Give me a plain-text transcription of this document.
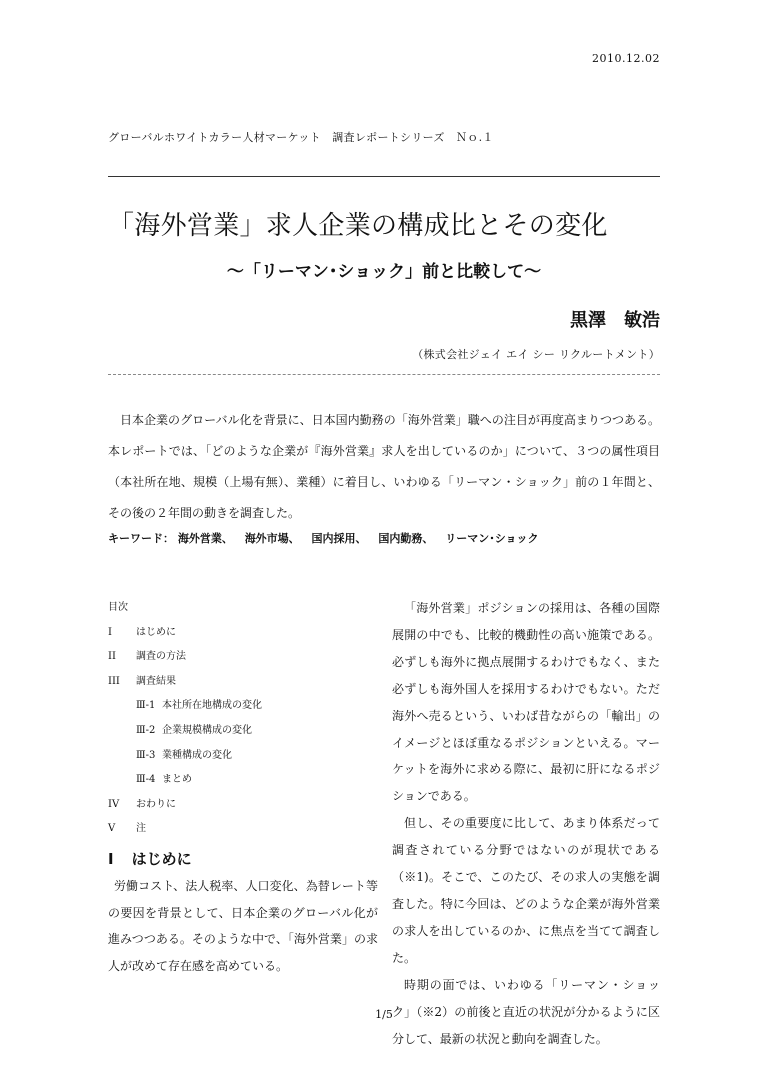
2010.12.02
グローバルホワイトカラー人材マーケット　調査レポートシリーズ　Ｎｏ.１
「海外営業」求人企業の構成比とその変化
〜「リーマン･ショック」前と比較して〜
黒澤　敏浩
（株式会社ジェイ エイ シー リクルートメント）

日本企業のグローバル化を背景に、日本国内勤務の「海外営業」職への注目が再度高まりつつある。本レポートでは、「どのような企業が『海外営業』求人を出しているのか」について、３つの属性項目（本社所在地、規模（上場有無）、業種）に着目し、いわゆる「リーマン・ショック」前の１年間と、その後の２年間の動きを調査した。

キーワード： 海外営業、 海外市場、 国内採用、 国内勤務、 リーマン･ショック
目次
I はじめに
II 調査の方法
III 調査結果
Ⅲ-1 本社所在地構成の変化
Ⅲ-2 企業規模構成の変化
Ⅲ-3 業種構成の変化
Ⅲ-4 まとめ
IV おわりに
V 注
I はじめに

労働コスト、法人税率、人口変化、為替レート等の要因を背景として、日本企業のグローバル化が進みつつある。そのような中で、「海外営業」の求人が改めて存在感を高めている。

「海外営業」ポジションの採用は、各種の国際展開の中でも、比較的機動性の高い施策である。必ずしも海外に拠点展開するわけでもなく、また必ずしも海外国人を採用するわけでもない。ただ海外へ売るという、いわば昔ながらの「輸出」のイメージとほぼ重なるポジションといえる。マーケットを海外に求める際に、最初に肝になるポジションである。

但し、その重要度に比して、あまり体系だって調査されている分野ではないのが現状である（※1)。そこで、このたび、その求人の実態を調査した。特に今回は、どのような企業が海外営業の求人を出しているのか、に焦点を当てて調査した。

時期の面では、いわゆる「リーマン・ショック」（※2）の前後と直近の状況が分かるように区分して、最新の状況と動向を調査した。

1/5
